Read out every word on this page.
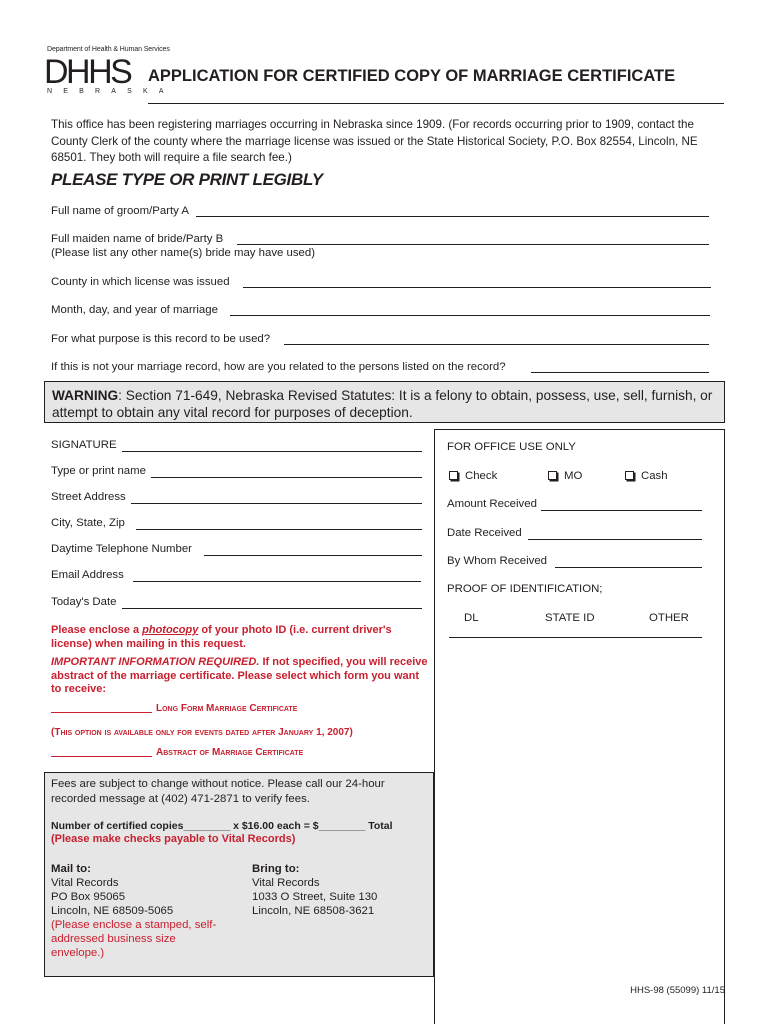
Department of Health & Human Services
DHHS
NEBRASKA
APPLICATION FOR CERTIFIED COPY OF MARRIAGE CERTIFICATE
This office has been registering marriages occurring in Nebraska since 1909. (For records occurring prior to 1909, contact the County Clerk of the county where the marriage license was issued or the State Historical Society, P.O. Box 82554, Lincoln, NE 68501. They both will require a file search fee.)
PLEASE TYPE OR PRINT LEGIBLY
Full name of groom/Party A
Full maiden name of bride/Party B
(Please list any other name(s) bride may have used)
County in which license was issued
Month, day, and year of marriage
For what purpose is this record to be used?
If this is not your marriage record, how are you related to the persons listed on the record?
WARNING: Section 71-649, Nebraska Revised Statutes: It is a felony to obtain, possess, use, sell, furnish, or attempt to obtain any vital record for purposes of deception.
SIGNATURE
Type or print name
Street Address
City, State, Zip
Daytime Telephone Number
Email Address
Today's Date
FOR OFFICE USE ONLY
Check	MO	Cash
Amount Received
Date Received
By Whom Received
PROOF OF IDENTIFICATION;
DL	STATE ID	OTHER
Please enclose a photocopy of your photo ID (i.e. current driver's license) when mailing in this request.
IMPORTANT INFORMATION REQUIRED. If not specified, you will receive abstract of the marriage certificate. Please select which form you want to receive:
Long Form Marriage Certificate
(This option is available only for events dated after January 1, 2007)
Abstract of Marriage Certificate
Fees are subject to change without notice. Please call our 24-hour recorded message at (402) 471-2871 to verify fees.
Number of certified copies________ x $16.00 each = $________ Total
(Please make checks payable to Vital Records)
Mail to:
Vital Records
PO Box 95065
Lincoln, NE 68509-5065
(Please enclose a stamped, self-addressed business size envelope.)
Bring to:
Vital Records
1033 O Street, Suite 130
Lincoln, NE 68508-3621
HHS-98 (55099) 11/15
